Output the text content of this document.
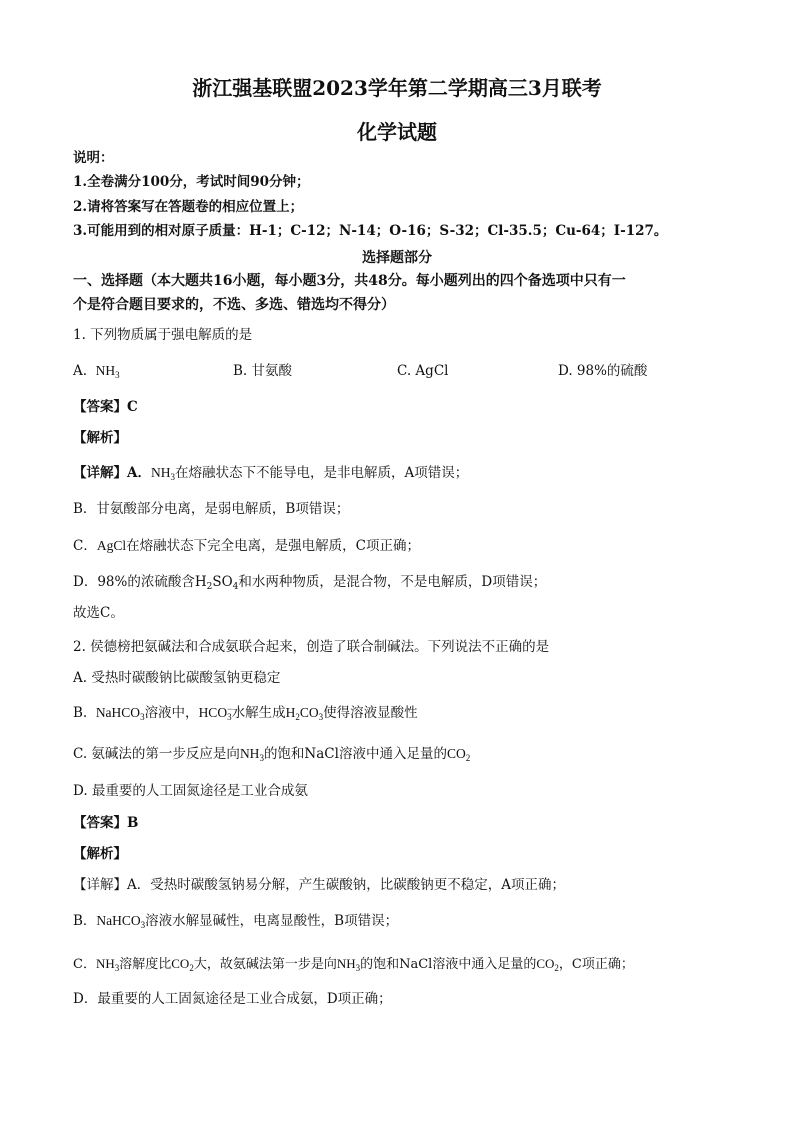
浙江强基联盟2023学年第二学期高三3月联考
化学试题
说明：
1.全卷满分100分，考试时间90分钟；
2.请将答案写在答题卷的相应位置上；
3.可能用到的相对原子质量：H-1；C-12；N-14；O-16；S-32；Cl-35.5；Cu-64；I-127。
选择题部分
一、选择题（本大题共16小题，每小题3分，共48分。每小题列出的四个备选项中只有一
个是符合题目要求的，不选、多选、错选均不得分）
1. 下列物质属于强电解质的是
A. $NH_3$	B. 甘氨酸	C. AgCl	D. 98%的硫酸
【答案】C
【解析】
【详解】A．$NH_3$在熔融状态下不能导电，是非电解质，A项错误；
B．甘氨酸部分电离，是弱电解质，B项错误；
C．AgCl在熔融状态下完全电离，是强电解质，C项正确；
D．98%的浓硫酸含$H_2SO_4$和水两种物质，是混合物，不是电解质，D项错误；
故选C。
2. 侯德榜把氨碱法和合成氨联合起来，创造了联合制碱法。下列说法不正确的是
A. 受热时碳酸钠比碳酸氢钠更稳定
B. NaHCO$_3$溶液中，$HCO^-_3$水解生成$H_2CO_3$使得溶液显酸性
C. 氨碱法的第一步反应是向$NH_3$的饱和NaCl溶液中通入足量的$CO_2$
D. 最重要的人工固氮途径是工业合成氨
【答案】B
【解析】
【详解】A．受热时碳酸氢钠易分解，产生碳酸钠，比碳酸钠更不稳定，A项正确；
B．NaHCO$_3$溶液水解显碱性，电离显酸性，B项错误；
C．$NH_3$溶解度比$CO_2$大，故氨碱法第一步是向$NH_3$的饱和NaCl溶液中通入足量的$CO_2$，C项正确；
D．最重要的人工固氮途径是工业合成氨，D项正确；
